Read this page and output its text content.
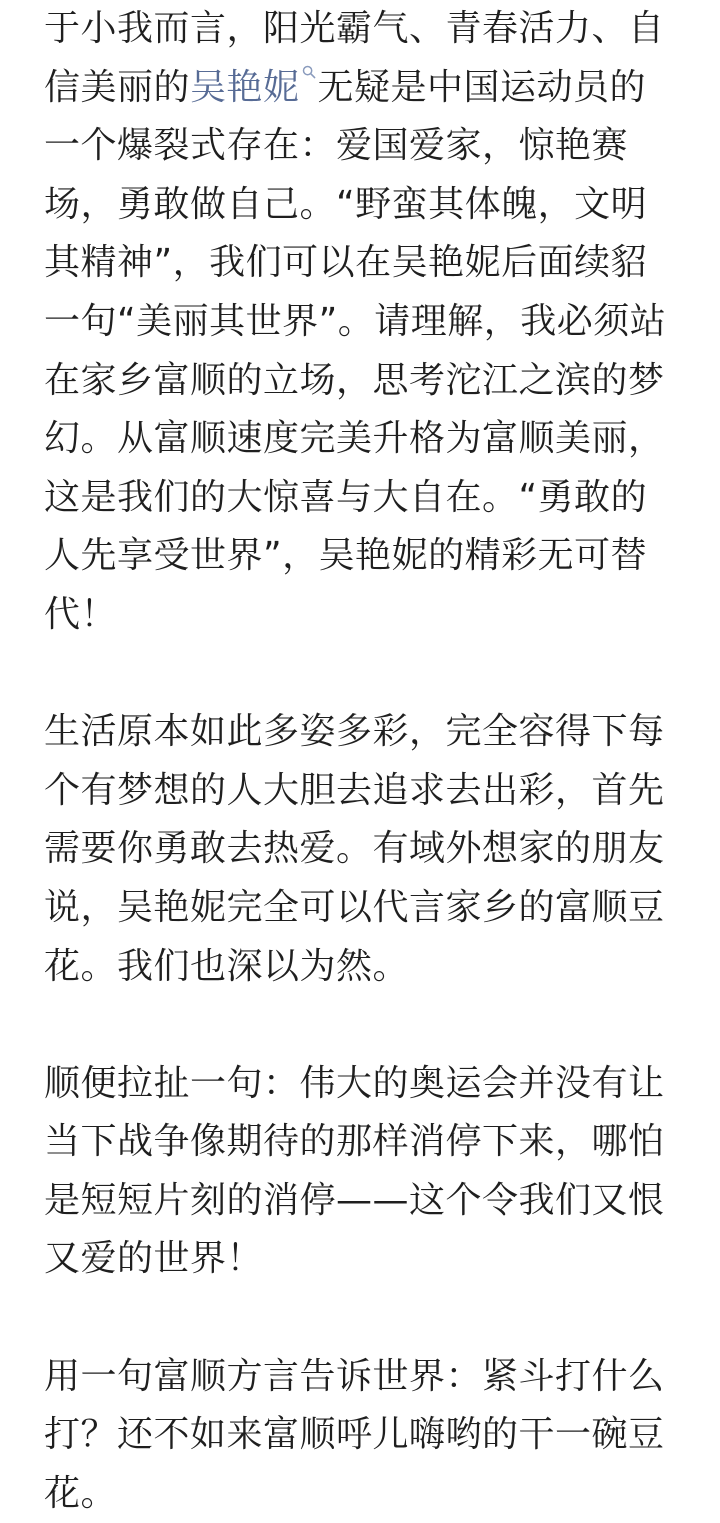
于小我而言，阳光霸气、青春活力、自
信美丽的吴艳妮 无疑是中国运动员的
一个爆裂式存在：爱国爱家，惊艳赛
场，勇敢做自己。“野蛮其体魄，文明
其精神”，我们可以在吴艳妮后面续貂
一句“美丽其世界”。请理解，我必须站
在家乡富顺的立场，思考沱江之滨的梦
幻。从富顺速度完美升格为富顺美丽，
这是我们的大惊喜与大自在。“勇敢的
人先享受世界”，吴艳妮的精彩无可替
代！

生活原本如此多姿多彩，完全容得下每
个有梦想的人大胆去追求去出彩，首先
需要你勇敢去热爱。有域外想家的朋友
说，吴艳妮完全可以代言家乡的富顺豆
花。我们也深以为然。

顺便拉扯一句：伟大的奥运会并没有让
当下战争像期待的那样消停下来，哪怕
是短短片刻的消停——这个令我们又恨
又爱的世界！

用一句富顺方言告诉世界：紧斗打什么
打？还不如来富顺呼儿嗨哟的干一碗豆
花。
